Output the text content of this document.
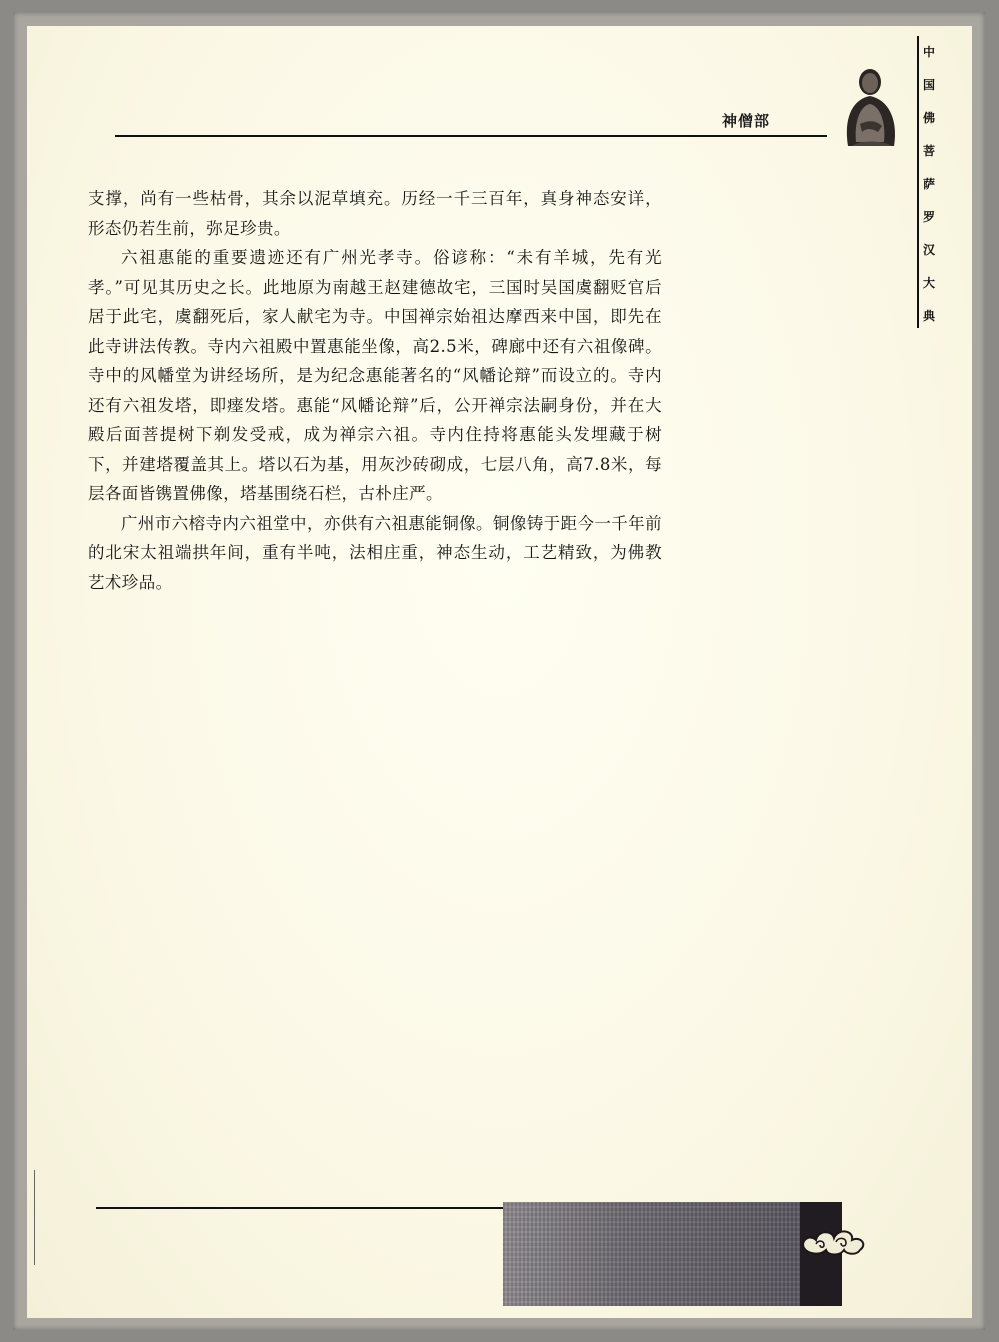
神僧部
中
国
佛
菩
萨
罗
汉
大
典

支撑，尚有一些枯骨，其余以泥草填充。历经一千三百年，真身神态安详，形态仍若生前，弥足珍贵。

六祖惠能的重要遗迹还有广州光孝寺。俗谚称：“未有羊城，先有光孝。”可见其历史之长。此地原为南越王赵建德故宅，三国时吴国虞翻贬官后居于此宅，虞翻死后，家人献宅为寺。中国禅宗始祖达摩西来中国，即先在此寺讲法传教。寺内六祖殿中置惠能坐像，高2.5米，碑廊中还有六祖像碑。寺中的风幡堂为讲经场所，是为纪念惠能著名的“风幡论辩”而设立的。寺内还有六祖发塔，即瘗发塔。惠能“风幡论辩”后，公开禅宗法嗣身份，并在大殿后面菩提树下剃发受戒，成为禅宗六祖。寺内住持将惠能头发埋藏于树下，并建塔覆盖其上。塔以石为基，用灰沙砖砌成，七层八角，高7.8米，每层各面皆镌置佛像，塔基围绕石栏，古朴庄严。

广州市六榕寺内六祖堂中，亦供有六祖惠能铜像。铜像铸于距今一千年前的北宋太祖端拱年间，重有半吨，法相庄重，神态生动，工艺精致，为佛教艺术珍品。
